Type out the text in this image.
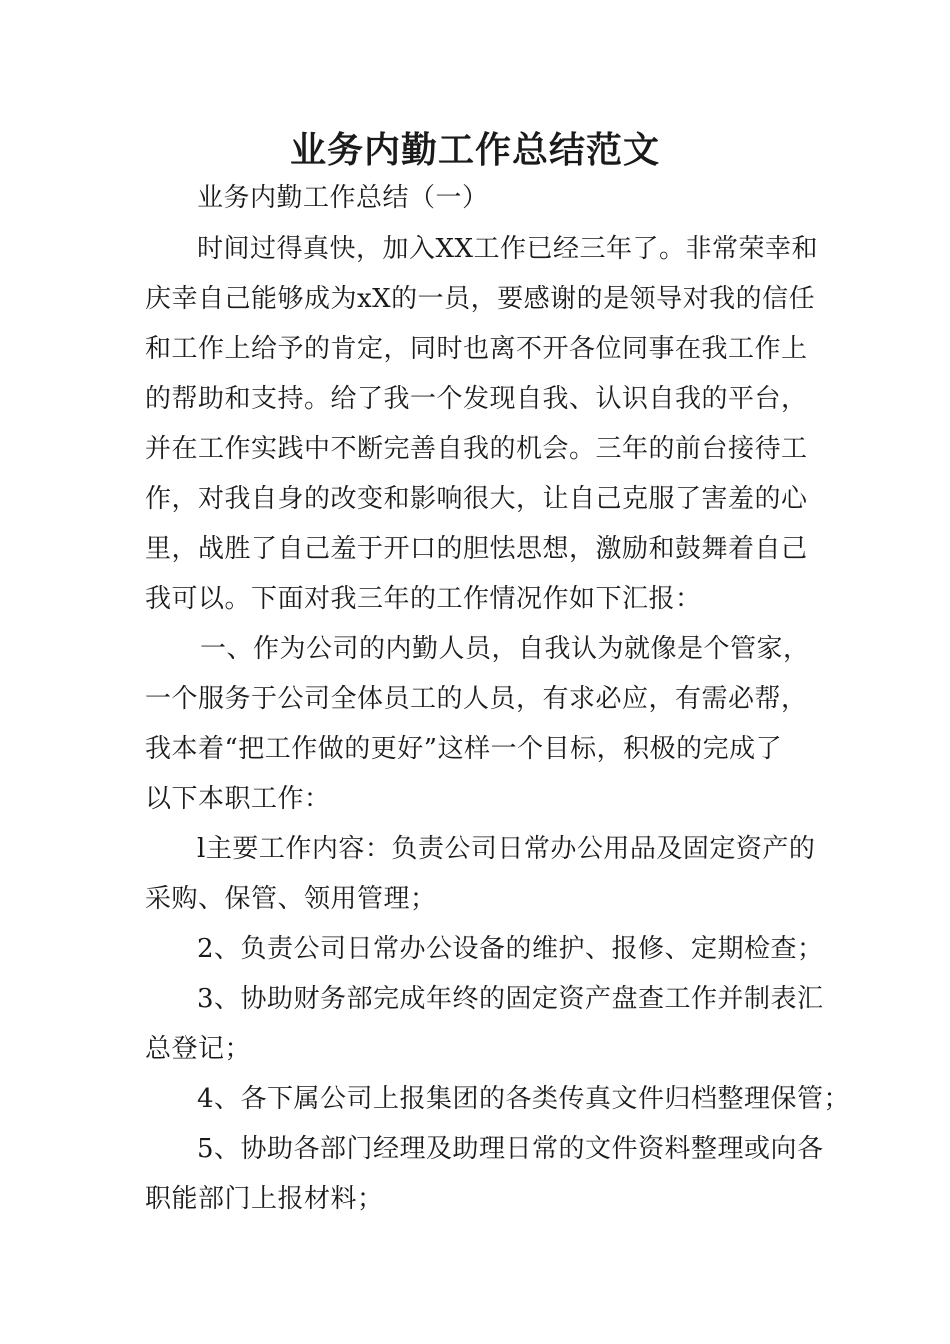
业务内勤工作总结范文
业务内勤工作总结（一）
时间过得真快，加入XX工作已经三年了。非常荣幸和
庆幸自己能够成为xX的一员，要感谢的是领导对我的信任
和工作上给予的肯定，同时也离不开各位同事在我工作上
的帮助和支持。给了我一个发现自我、认识自我的平台，
并在工作实践中不断完善自我的机会。三年的前台接待工
作，对我自身的改变和影响很大，让自己克服了害羞的心
里，战胜了自己羞于开口的胆怯思想，激励和鼓舞着自己
我可以。下面对我三年的工作情况作如下汇报：
一、作为公司的内勤人员，自我认为就像是个管家，
一个服务于公司全体员工的人员，有求必应，有需必帮，
我本着“把工作做的更好”这样一个目标，积极的完成了
以下本职工作：
l主要工作内容：负责公司日常办公用品及固定资产的
采购、保管、领用管理；
2、负责公司日常办公设备的维护、报修、定期检查；
3、协助财务部完成年终的固定资产盘查工作并制表汇
总登记；
4、各下属公司上报集团的各类传真文件归档整理保管；
5、协助各部门经理及助理日常的文件资料整理或向各
职能部门上报材料；
